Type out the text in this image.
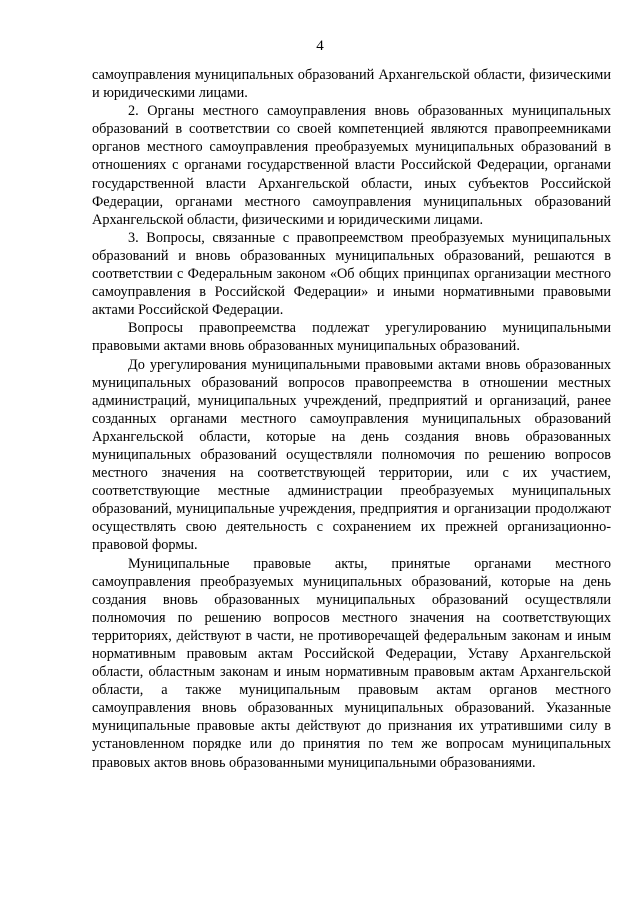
4

самоуправления муниципальных образований Архангельской области, физическими и юридическими лицами.

2. Органы местного самоуправления вновь образованных муниципальных образований в соответствии со своей компетенцией являются правопреемниками органов местного самоуправления преобразуемых муниципальных образований в отношениях с органами государственной власти Российской Федерации, органами государственной власти Архангельской области, иных субъектов Российской Федерации, органами местного самоуправления муниципальных образований Архангельской области, физическими и юридическими лицами.

3. Вопросы, связанные с правопреемством преобразуемых муниципальных образований и вновь образованных муниципальных образований, решаются в соответствии с Федеральным законом «Об общих принципах организации местного самоуправления в Российской Федерации» и иными нормативными правовыми актами Российской Федерации.

Вопросы правопреемства подлежат урегулированию муниципальными правовыми актами вновь образованных муниципальных образований.

До урегулирования муниципальными правовыми актами вновь образованных муниципальных образований вопросов правопреемства в отношении местных администраций, муниципальных учреждений, предприятий и организаций, ранее созданных органами местного самоуправления муниципальных образований Архангельской области, которые на день создания вновь образованных муниципальных образований осуществляли полномочия по решению вопросов местного значения на соответствующей территории, или с их участием, соответствующие местные администрации преобразуемых муниципальных образований, муниципальные учреждения, предприятия и организации продолжают осуществлять свою деятельность с сохранением их прежней организационно-правовой формы.

Муниципальные правовые акты, принятые органами местного самоуправления преобразуемых муниципальных образований, которые на день создания вновь образованных муниципальных образований осуществляли полномочия по решению вопросов местного значения на соответствующих территориях, действуют в части, не противоречащей федеральным законам и иным нормативным правовым актам Российской Федерации, Уставу Архангельской области, областным законам и иным нормативным правовым актам Архангельской области, а также муниципальным правовым актам органов местного самоуправления вновь образованных муниципальных образований. Указанные муниципальные правовые акты действуют до признания их утратившими силу в установленном порядке или до принятия по тем же вопросам муниципальных правовых актов вновь образованными муниципальными образованиями.
